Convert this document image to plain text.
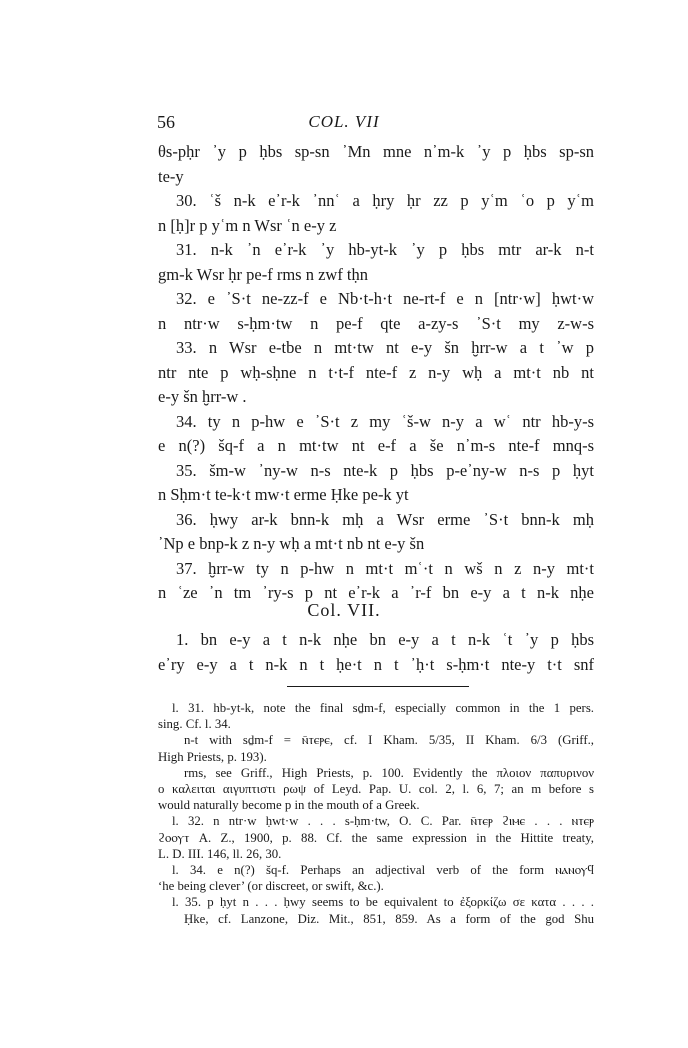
56	COL. VII
θs-pḥr ᾽y p ḥbs sp-sn ᾽Mn mne n᾽m-k ᾽y p ḥbs sp-sn
te-y
30. ʿš n-k e᾽r-k ᾽nnʿ a ḥry ḥr zz p yʿm ʿo p yʿm
n [ḥ]r p yʿm n Wsr ʿn e-y z
31. n-k ᾽n e᾽r-k ᾽y hb-yt-k ᾽y p ḥbs mtr ar-k n-t
gm-k Wsr ḥr pe-f rms n zwf tḥn
32. e ᾽S·t ne-zz-f e Nb·t-h·t ne-rt-f e n [ntr·w] ḥwt·w
n ntr·w s-ḥm·tw n pe-f qte a-zy-s ᾽S·t my z-w-s
33. n Wsr e-tbe n mt·tw nt e-y šn ḫrr-w a t ᾽w p
ntr nte p wḥ-sḥne n t·t-f nte-f z n-y wḥ a mt·t nb nt
e-y šn ḫrr-w .
34. ty n p-hw e ᾽S·t z my ʿš-w n-y a wʿ ntr hb-y-s
e n(?) šq-f a n mt·tw nt e-f a še n᾽m-s nte-f mnq-s
35. šm-w ᾽ny-w n-s nte-k p ḥbs p-e᾽ny-w n-s p ḥyt
n Sḥm·t te-k·t mw·t erme Ḥke pe-k yt
36. ḥwy ar-k bnn-k mḥ a Wsr erme ᾽S·t bnn-k mḥ
᾽Np e bnp-k z n-y wḥ a mt·t nb nt e-y šn
37. ḫrr-w ty n p-hw n mt·t mʿ·t n wš n z n-y mt·t
n ʿze ᾽n tm ᾽ry-s p nt e᾽r-k a ᾽r-f bn e-y a t n-k nḥe
Col. VII.
1. bn e-y a t n-k nḥe bn e-y a t n-k ʿt ᾽y p ḥbs
e᾽ry e-y a t n-k n t ḥe·t n t ᾽ḥ·t s-ḥm·t nte-y t·t snf
l. 31. hb-yt-k, note the final sḏm-f, especially common in the 1 pers.
sing. Cf. l. 34.
n-t with sḏm-f = ⲛ̄ⲧⲉⲣⲉ, cf. I Kham. 5/35, II Kham. 6/3 (Griff.,
High Priests, p. 193).
rms, see Griff., High Priests, p. 100. Evidently the πλοιον παπυρινον
ο καλειται αιγυπτιστι ρωψ of Leyd. Pap. U. col. 2, l. 6, 7; an m before s
would naturally become p in the mouth of a Greek.
l. 32. n ntr·w ḥwt·w . . . s-ḥm·tw, O. C. Par. ⲛ̄ⲧⲉⲣ ϩⲓⲙⲉ . . . ⲛⲧⲉⲣ
ϩⲟⲟⲩⲧ A. Z., 1900, p. 88. Cf. the same expression in the Hittite treaty,
L. D. III. 146, ll. 26, 30.
l. 34. e n(?) šq-f. Perhaps an adjectival verb of the form ⲛⲁⲛⲟⲩϥ
‘he being clever’ (or discreet, or swift, &c.).
l. 35. p ḥyt n . . . ḥwy seems to be equivalent to ἐξορκίζω σε κατα . . . .
Ḥke, cf. Lanzone, Diz. Mit., 851, 859. As a form of the god Shu
